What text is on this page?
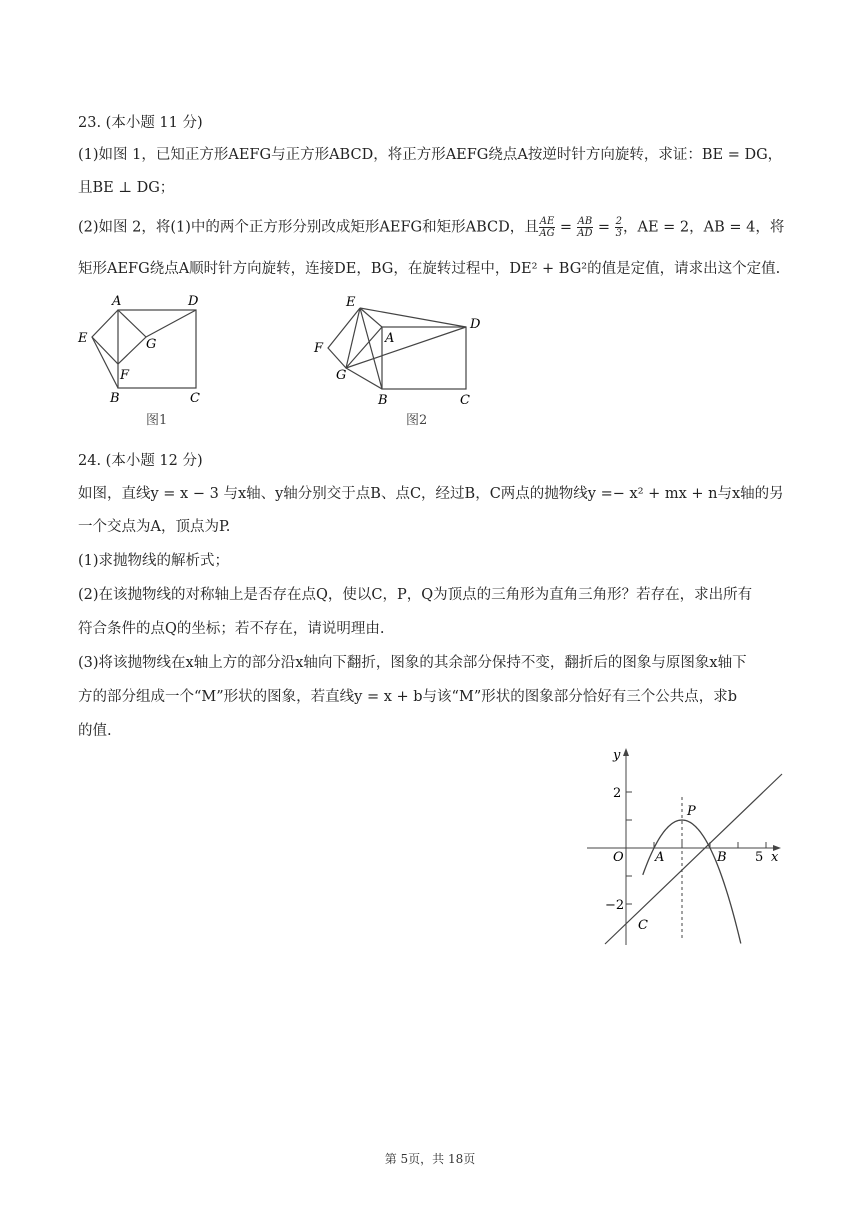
23. (本小题 11 分)
(1)如图 1，已知正方形AEFG与正方形ABCD，将正方形AEFG绕点A按逆时针方向旋转，求证：BE = DG，
且BE ⊥ DG；
(2)如图 2，将(1)中的两个正方形分别改成矩形AEFG和矩形ABCD，且 $\frac{AE}{AG} = \frac{AB}{AD} = \frac{2}{3}$ ，AE = 2，AB = 4，将
矩形AEFG绕点A顺时针方向旋转，连接DE，BG，在旋转过程中，DE² + BG²的值是定值，请求出这个定值.
A	D
E	G
F
B	C
图1
E
D
A
F
G
B	C
图2
24. (本小题 12 分)
如图，直线y = x − 3 与x轴、y轴分别交于点B、点C，经过B，C两点的抛物线y =− x² + mx + n与x轴的另
一个交点为A，顶点为P.
(1)求抛物线的解析式；
(2)在该抛物线的对称轴上是否存在点Q，使以C，P，Q为顶点的三角形为直角三角形？若存在，求出所有
符合条件的点Q的坐标；若不存在，请说明理由.
(3)将该抛物线在x轴上方的部分沿x轴向下翻折，图象的其余部分保持不变，翻折后的图象与原图象x轴下
方的部分组成一个“M”形状的图象，若直线y = x + b与该“M”形状的图象部分恰好有三个公共点，求b
的值.
y
x
2
−2
5
O A	B
P
C
第 5页，共 18页
